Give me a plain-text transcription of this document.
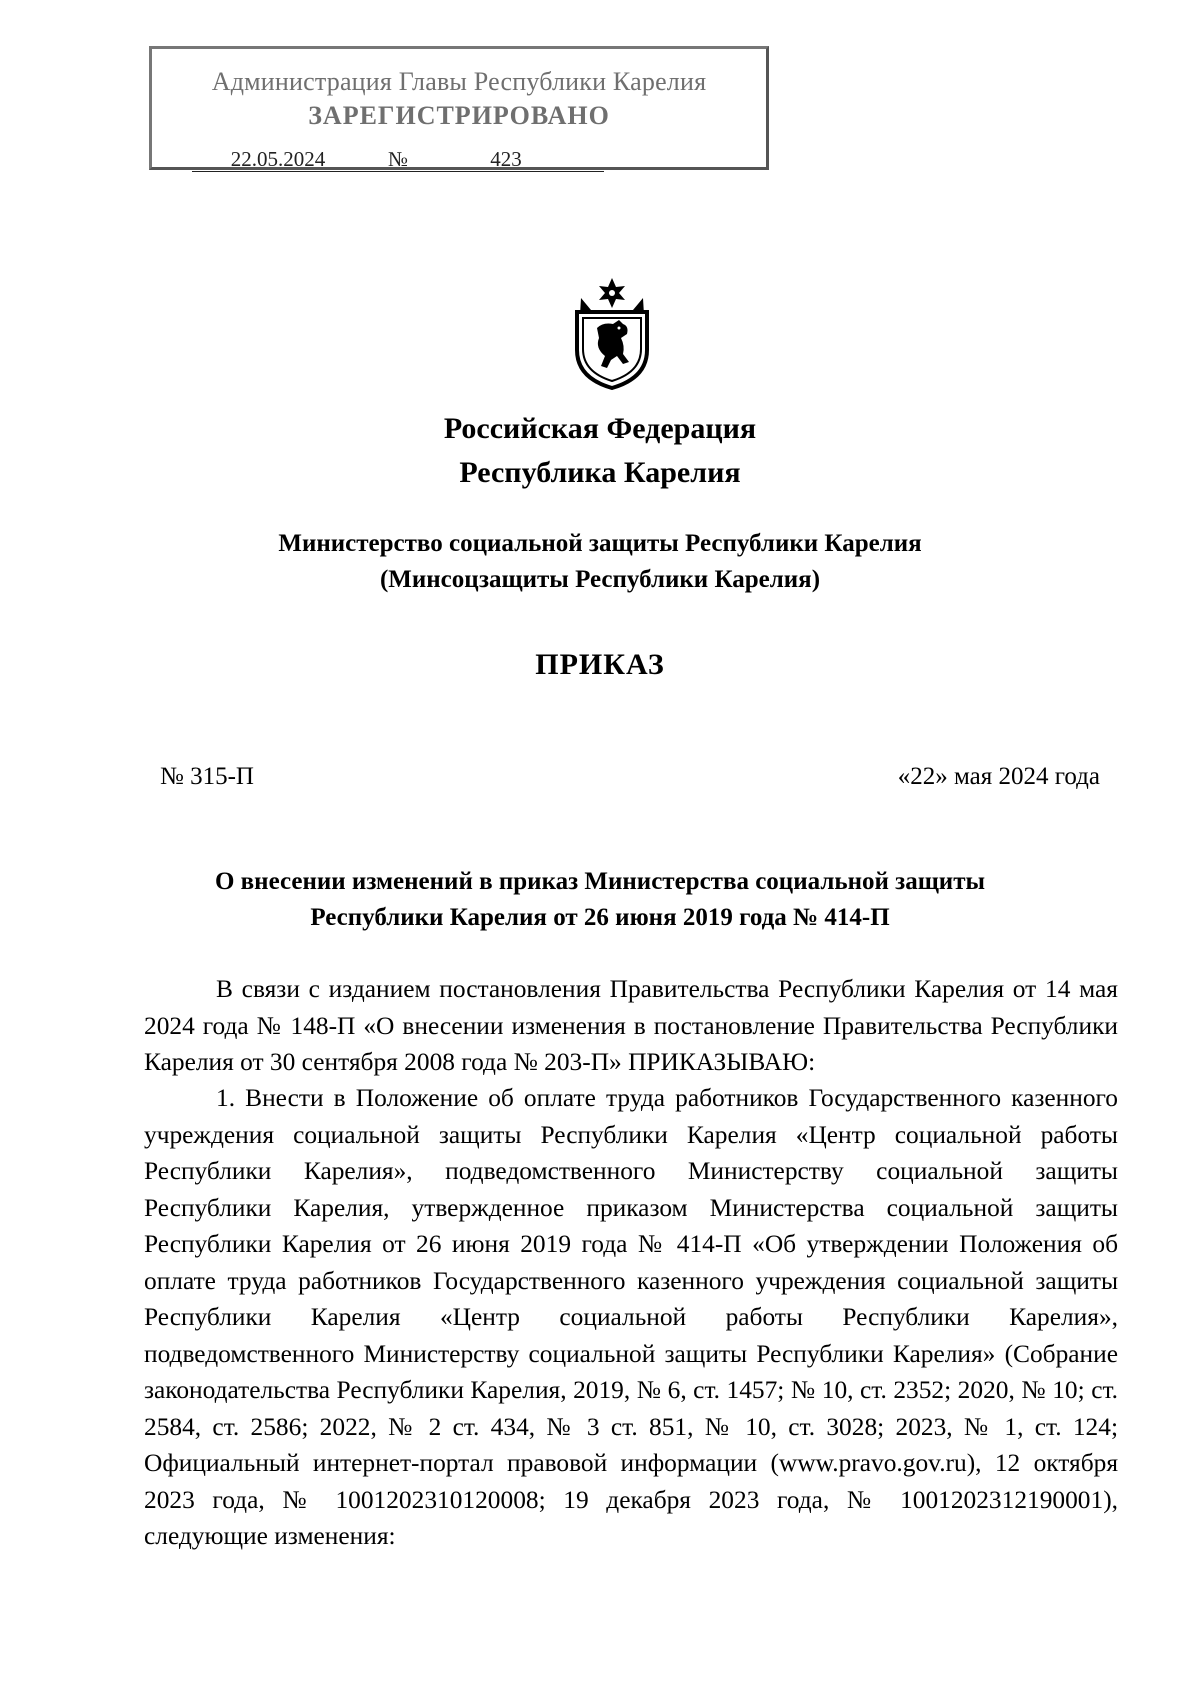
Администрация Главы Республики Карелия
ЗАРЕГИСТРИРОВАНО
22.05.2024	№	423
Российская Федерация
Республика Карелия
Министерство социальной защиты Республики Карелия
(Минсоцзащиты Республики Карелия)
ПРИКАЗ
№ 315-П	«22» мая 2024 года
О внесении изменений в приказ Министерства социальной защиты
Республики Карелия от 26 июня 2019 года № 414-П

В связи с изданием постановления Правительства Республики Карелия от 14 мая 2024 года № 148-П «О внесении изменения в постановление Правительства Республики Карелия от 30 сентября 2008 года № 203-П» ПРИКАЗЫВАЮ:

1. Внести в Положение об оплате труда работников Государственного казенного учреждения социальной защиты Республики Карелия «Центр социальной работы Республики Карелия», подведомственного Министерству социальной защиты Республики Карелия, утвержденное приказом Министерства социальной защиты Республики Карелия от 26 июня 2019 года № 414-П «Об утверждении Положения об оплате труда работников Государственного казенного учреждения социальной защиты Республики Карелия «Центр социальной работы Республики Карелия», подведомственного Министерству социальной защиты Республики Карелия» (Собрание законодательства Республики Карелия, 2019, № 6, ст. 1457; № 10, ст. 2352; 2020, № 10; ст. 2584, ст. 2586; 2022, № 2 ст. 434, № 3 ст. 851, № 10, ст. 3028; 2023, № 1, ст. 124; Официальный интернет-портал правовой информации (www.pravo.gov.ru), 12 октября 2023 года, № 1001202310120008; 19 декабря 2023 года, № 1001202312190001), следующие изменения:
